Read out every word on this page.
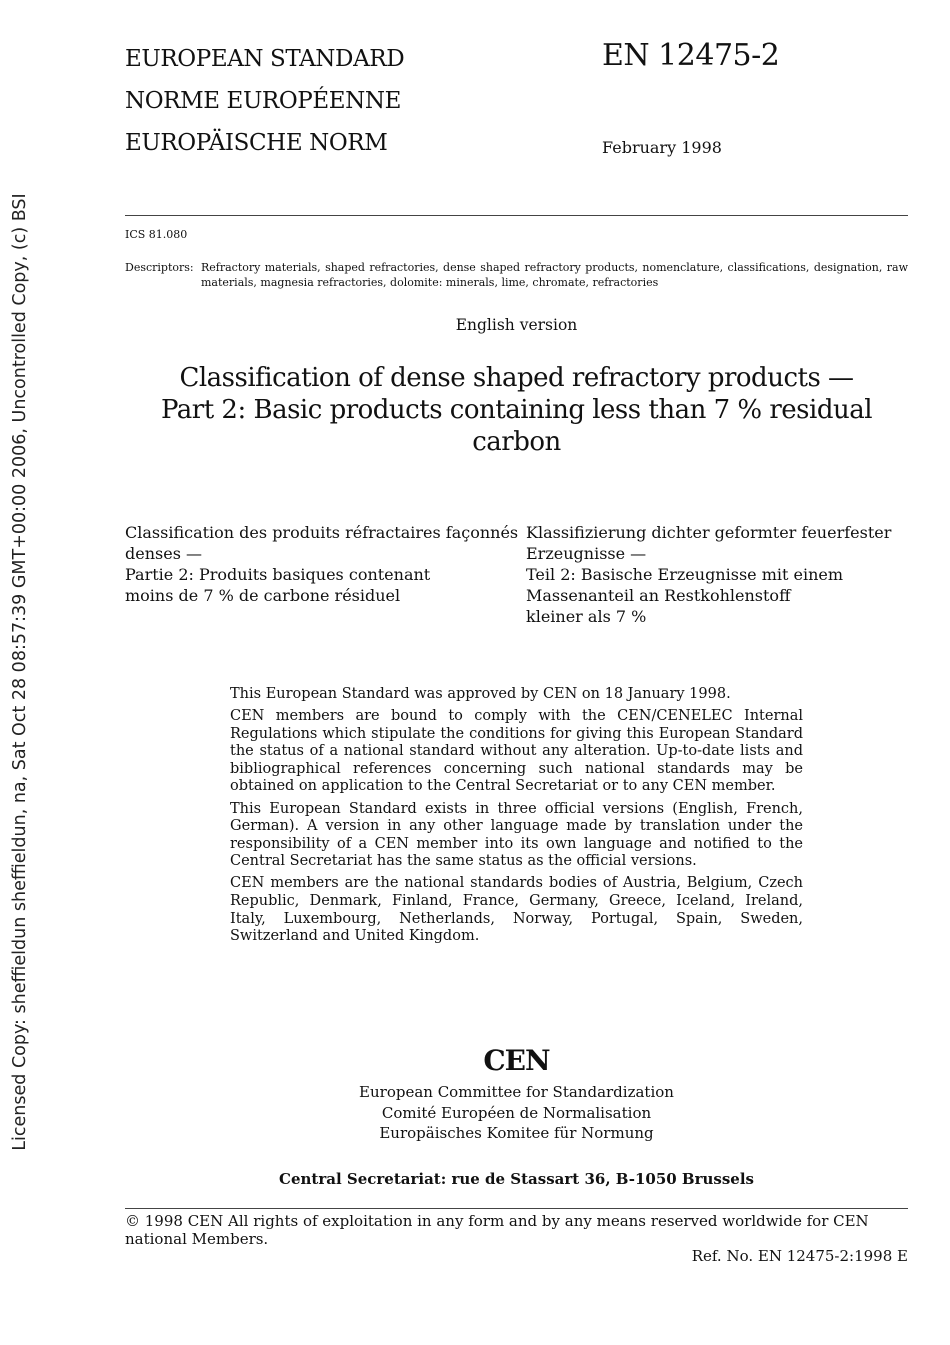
Licensed Copy: sheffieldun sheffieldun, na, Sat Oct 28 08:57:39 GMT+00:00 2006, Uncontrolled Copy, (c) BSI
EUROPEAN STANDARD
NORME EUROPÉENNE
EUROPÄISCHE NORM
EN 12475-2
February 1998
ICS 81.080
Descriptors: Refractory materials, shaped refractories, dense shaped refractory products, nomenclature, classifications, designation, raw materials, magnesia refractories, dolomite: minerals, lime, chromate, refractories
English version
Classification of dense shaped refractory products —
Part 2: Basic products containing less than 7 % residual carbon
Classification des produits réfractaires façonnés
denses —
Partie 2: Produits basiques contenant
moins de 7 % de carbone résiduel
Klassifizierung dichter geformter feuerfester
Erzeugnisse —
Teil 2: Basische Erzeugnisse mit einem
Massenanteil an Restkohlenstoff
kleiner als 7 %

This European Standard was approved by CEN on 18 January 1998.

CEN members are bound to comply with the CEN/CENELEC Internal Regulations which stipulate the conditions for giving this European Standard the status of a national standard without any alteration. Up-to-date lists and bibliographical references concerning such national standards may be obtained on application to the Central Secretariat or to any CEN member.

This European Standard exists in three official versions (English, French, German). A version in any other language made by translation under the responsibility of a CEN member into its own language and notified to the Central Secretariat has the same status as the official versions.

CEN members are the national standards bodies of Austria, Belgium, Czech Republic, Denmark, Finland, France, Germany, Greece, Iceland, Ireland, Italy, Luxembourg, Netherlands, Norway, Portugal, Spain, Sweden, Switzerland and United Kingdom.

CEN
European Committee for Standardization
Comité Européen de Normalisation
Europäisches Komitee für Normung
Central Secretariat: rue de Stassart 36, B-1050 Brussels
© 1998 CEN All rights of exploitation in any form and by any means reserved worldwide for CEN national Members.
Ref. No. EN 12475-2:1998 E
